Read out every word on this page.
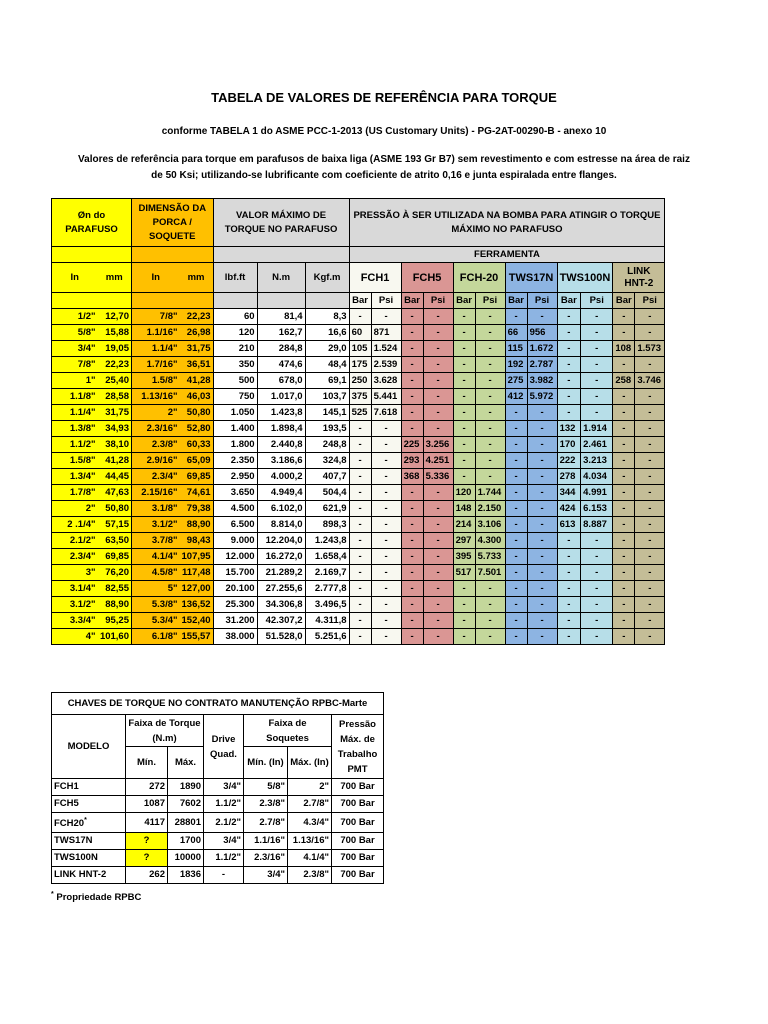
TABELA DE VALORES DE REFERÊNCIA PARA TORQUE
conforme TABELA 1 do ASME PCC-1-2013 (US Customary Units) - PG-2AT-00290-B - anexo 10
Valores de referência para torque em parafusos de baixa liga (ASME 193 Gr B7) sem revestimento e com estresse na área de raiz
de 50 Ksi; utilizando-se lubrificante com coeficiente de atrito 0,16 e junta espiralada entre flanges.
Øn do PARAFUSO		DIMENSÃO DA PORCA / SOQUETE		VALOR MÁXIMO DE TORQUE NO PARAFUSO			PRESSÃO À SER UTILIZADA NA BOMBA PARA ATINGIR O TORQUE MÁXIMO NO PARAFUSO											
							FERRAMENTA											
In	mm	In	mm	lbf.ft	N.m	Kgf.m	FCH1		FCH5		FCH-20		TWS17N		TWS100N		LINK HNT-2	
							Bar	Psi	Bar	Psi	Bar	Psi	Bar	Psi	Bar	Psi	Bar	Psi
1/2"	12,70	7/8"	22,23	60	81,4	8,3	-	-	-	-	-	-	-	-	-	-	-	-
5/8"	15,88	1.1/16"	26,98	120	162,7	16,6	60	871	-	-	-	-	66	956	-	-	-	-
3/4"	19,05	1.1/4"	31,75	210	284,8	29,0	105	1.524	-	-	-	-	115	1.672	-	-	108	1.573
7/8"	22,23	1.7/16"	36,51	350	474,6	48,4	175	2.539	-	-	-	-	192	2.787	-	-	-	-
1"	25,40	1.5/8"	41,28	500	678,0	69,1	250	3.628	-	-	-	-	275	3.982	-	-	258	3.746
1.1/8"	28,58	1.13/16"	46,03	750	1.017,0	103,7	375	5.441	-	-	-	-	412	5.972	-	-	-	-
1.1/4"	31,75	2"	50,80	1.050	1.423,8	145,1	525	7.618	-	-	-	-	-	-	-	-	-	-
1.3/8"	34,93	2.3/16"	52,80	1.400	1.898,4	193,5	-	-	-	-	-	-	-	-	132	1.914	-	-
1.1/2"	38,10	2.3/8"	60,33	1.800	2.440,8	248,8	-	-	225	3.256	-	-	-	-	170	2.461	-	-
1.5/8"	41,28	2.9/16"	65,09	2.350	3.186,6	324,8	-	-	293	4.251	-	-	-	-	222	3.213	-	-
1.3/4"	44,45	2.3/4"	69,85	2.950	4.000,2	407,7	-	-	368	5.336	-	-	-	-	278	4.034	-	-
1.7/8"	47,63	2.15/16"	74,61	3.650	4.949,4	504,4	-	-	-	-	120	1.744	-	-	344	4.991	-	-
2"	50,80	3.1/8"	79,38	4.500	6.102,0	621,9	-	-	-	-	148	2.150	-	-	424	6.153	-	-
2 .1/4"	57,15	3.1/2"	88,90	6.500	8.814,0	898,3	-	-	-	-	214	3.106	-	-	613	8.887	-	-
2.1/2"	63,50	3.7/8"	98,43	9.000	12.204,0	1.243,8	-	-	-	-	297	4.300	-	-	-	-	-	-
2.3/4"	69,85	4.1/4"	107,95	12.000	16.272,0	1.658,4	-	-	-	-	395	5.733	-	-	-	-	-	-
3"	76,20	4.5/8"	117,48	15.700	21.289,2	2.169,7	-	-	-	-	517	7.501	-	-	-	-	-	-
3.1/4"	82,55	5"	127,00	20.100	27.255,6	2.777,8	-	-	-	-	-	-	-	-	-	-	-	-
3.1/2"	88,90	5.3/8"	136,52	25.300	34.306,8	3.496,5	-	-	-	-	-	-	-	-	-	-	-	-
3.3/4"	95,25	5.3/4"	152,40	31.200	42.307,2	4.311,8	-	-	-	-	-	-	-	-	-	-	-	-
4"	101,60	6.1/8"	155,57	38.000	51.528,0	5.251,6	-	-	-	-	-	-	-	-	-	-	-	-
CHAVES DE TORQUE NO CONTRATO MANUTENÇÃO RPBC-Marte						
MODELO	Faixa de Torque (N.m)		Drive Quad.	Faixa de Soquetes		Pressão Máx. de Trabalho PMT
	Mín.	Máx.		Mín. (In)	Máx. (In)	
FCH1	272	1890	3/4"	5/8"	2"	700 Bar
FCH5	1087	7602	1.1/2"	2.3/8"	2.7/8"	700 Bar
FCH20*	4117	28801	2.1/2"	2.7/8"	4.3/4"	700 Bar
TWS17N	?	1700	3/4"	1.1/16"	1.13/16"	700 Bar
TWS100N	?	10000	1.1/2"	2.3/16"	4.1/4"	700 Bar
LINK HNT-2	262	1836	-	3/4"	2.3/8"	700 Bar
* Propriedade RPBC
